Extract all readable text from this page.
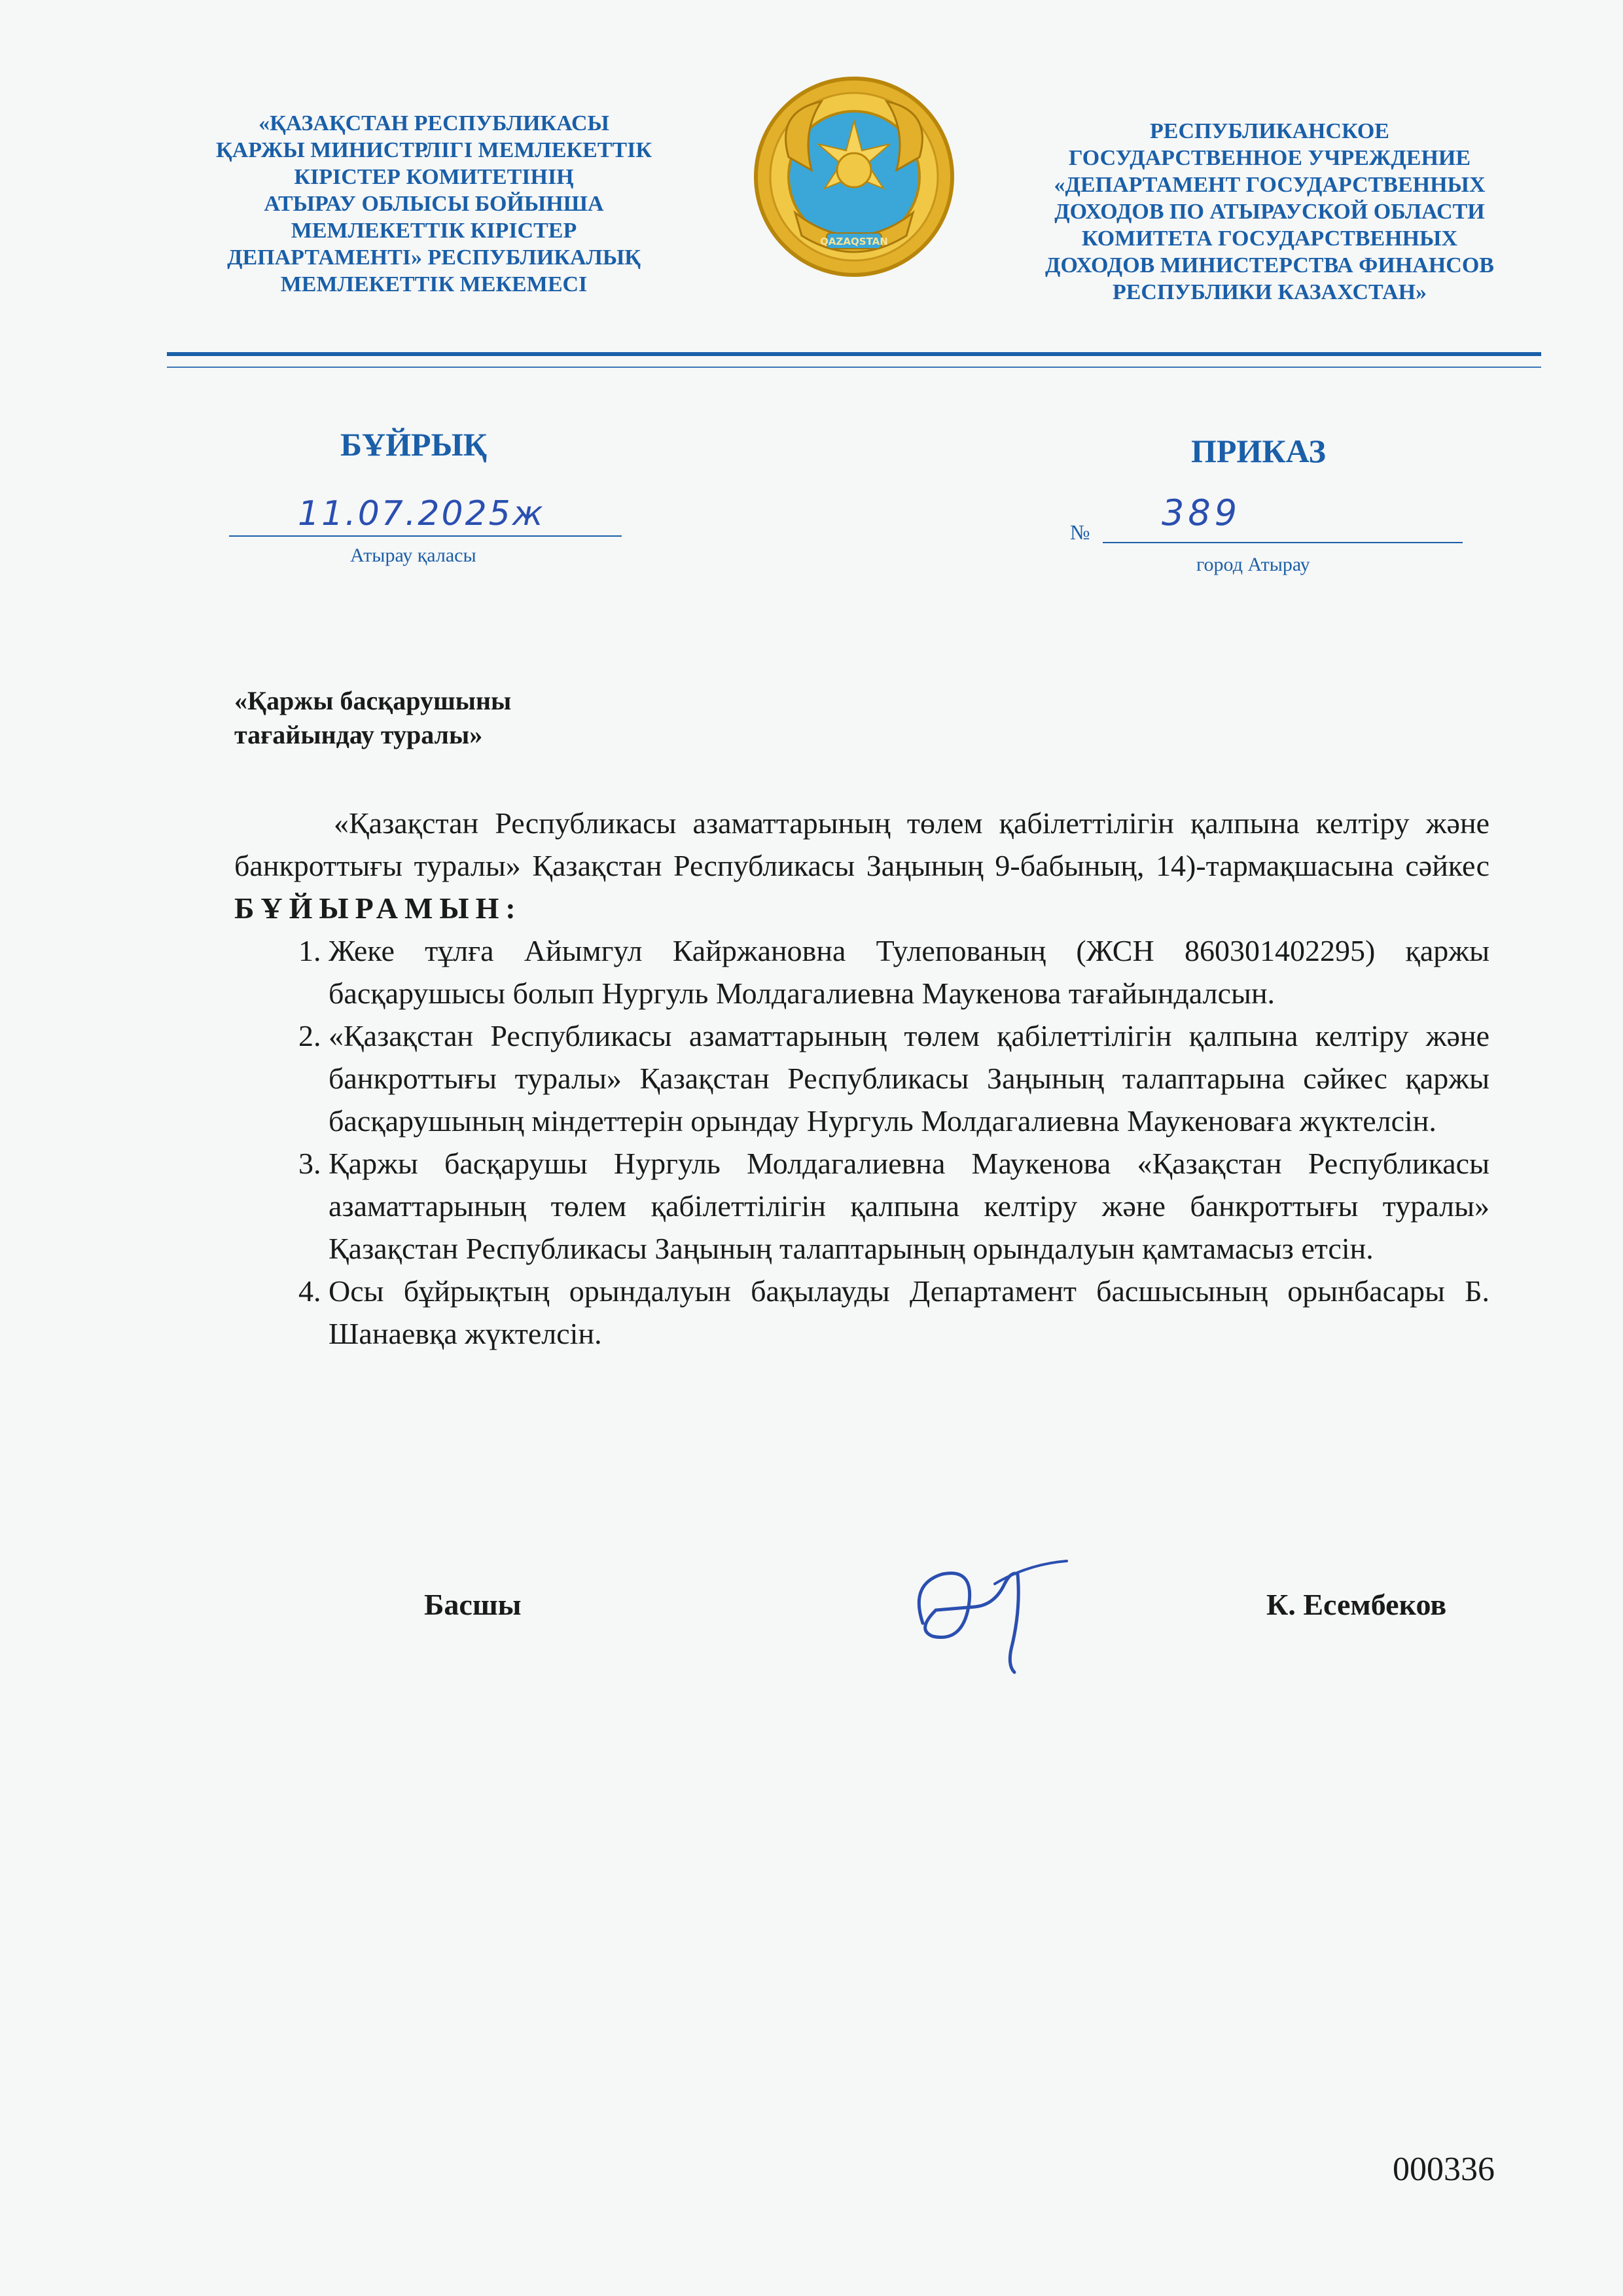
«ҚАЗАҚСТАН РЕСПУБЛИКАСЫ
ҚАРЖЫ МИНИСТРЛІГІ МЕМЛЕКЕТТІК
КІРІСТЕР КОМИТЕТІНІҢ
АТЫРАУ ОБЛЫСЫ БОЙЫНША
МЕМЛЕКЕТТІК КІРІСТЕР
ДЕПАРТАМЕНТІ» РЕСПУБЛИКАЛЫҚ
МЕМЛЕКЕТТІК МЕКЕМЕСІ
QAZAQSTAN
РЕСПУБЛИКАНСКОЕ
ГОСУДАРСТВЕННОЕ УЧРЕЖДЕНИЕ
«ДЕПАРТАМЕНТ ГОСУДАРСТВЕННЫХ
ДОХОДОВ ПО АТЫРАУСКОЙ ОБЛАСТИ
КОМИТЕТА ГОСУДАРСТВЕННЫХ
ДОХОДОВ МИНИСТЕРСТВА ФИНАНСОВ
РЕСПУБЛИКИ КАЗАХСТАН»
БҰЙРЫҚ	ПРИКАЗ
11.07.2025ж
Атырау қаласы
№ 389
город Атырау
«Қаржы басқарушыны
тағайындау туралы»

«Қазақстан Республикасы азаматтарының төлем қабілеттілігін қалпына келтіру және банкроттығы туралы» Қазақстан Республикасы Заңының 9-бабының, 14)-тармақшасына сәйкес БҰЙЫРАМЫН:

1. Жеке тұлға Айымгул Кайржановна Тулепованың (ЖСН 860301402295) қаржы басқарушысы болып Нургуль Молдагалиевна Маукенова тағайындалсын.
2. «Қазақстан Республикасы азаматтарының төлем қабілеттілігін қалпына келтіру және банкроттығы туралы» Қазақстан Республикасы Заңының талаптарына сәйкес қаржы басқарушының міндеттерін орындау Нургуль Молдагалиевна Маукеноваға жүктелсін.
3. Қаржы басқарушы Нургуль Молдагалиевна Маукенова «Қазақстан Республикасы азаматтарының төлем қабілеттілігін қалпына келтіру және банкроттығы туралы» Қазақстан Республикасы Заңының талаптарының орындалуын қамтамасыз етсін.
4. Осы бұйрықтың орындалуын бақылауды Департамент басшысының орынбасары Б. Шанаевқа жүктелсін.
Басшы	К. Есембеков
000336
